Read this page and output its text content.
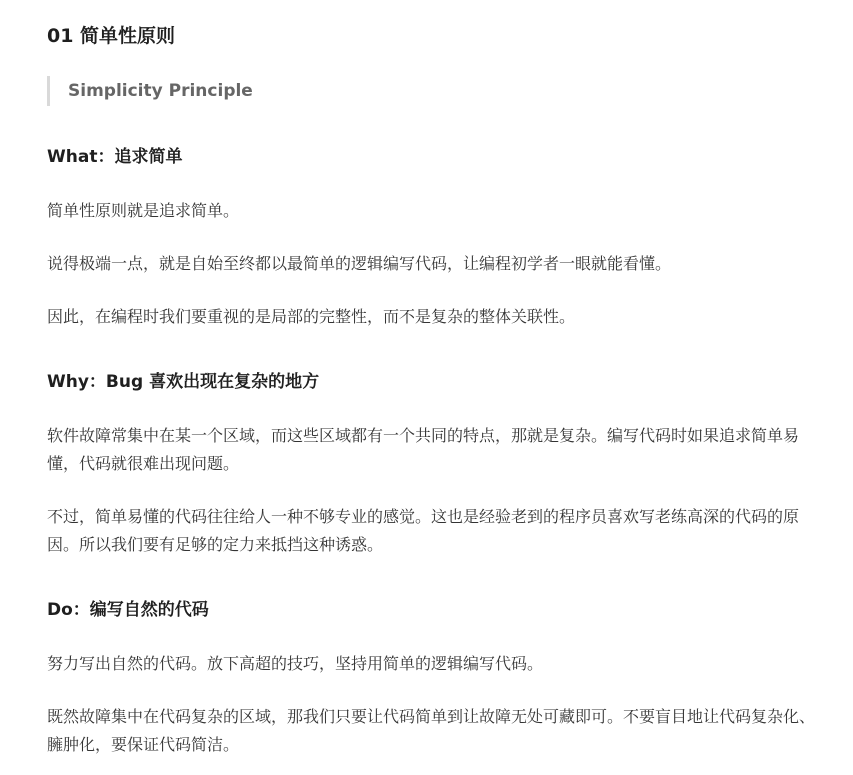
01 简单性原则
Simplicity Principle
What：追求简单

简单性原则就是追求简单。

说得极端一点，就是自始至终都以最简单的逻辑编写代码，让编程初学者一眼就能看懂。

因此，在编程时我们要重视的是局部的完整性，而不是复杂的整体关联性。

Why：Bug 喜欢出现在复杂的地方

软件故障常集中在某一个区域，而这些区域都有一个共同的特点，那就是复杂。编写代码时如果追求简单易懂，代码就很难出现问题。

不过，简单易懂的代码往往给人一种不够专业的感觉。这也是经验老到的程序员喜欢写老练高深的代码的原因。所以我们要有足够的定力来抵挡这种诱惑。

Do：编写自然的代码

努力写出自然的代码。放下高超的技巧，坚持用简单的逻辑编写代码。

既然故障集中在代码复杂的区域，那我们只要让代码简单到让故障无处可藏即可。不要盲目地让代码复杂化、臃肿化，要保证代码简洁。
